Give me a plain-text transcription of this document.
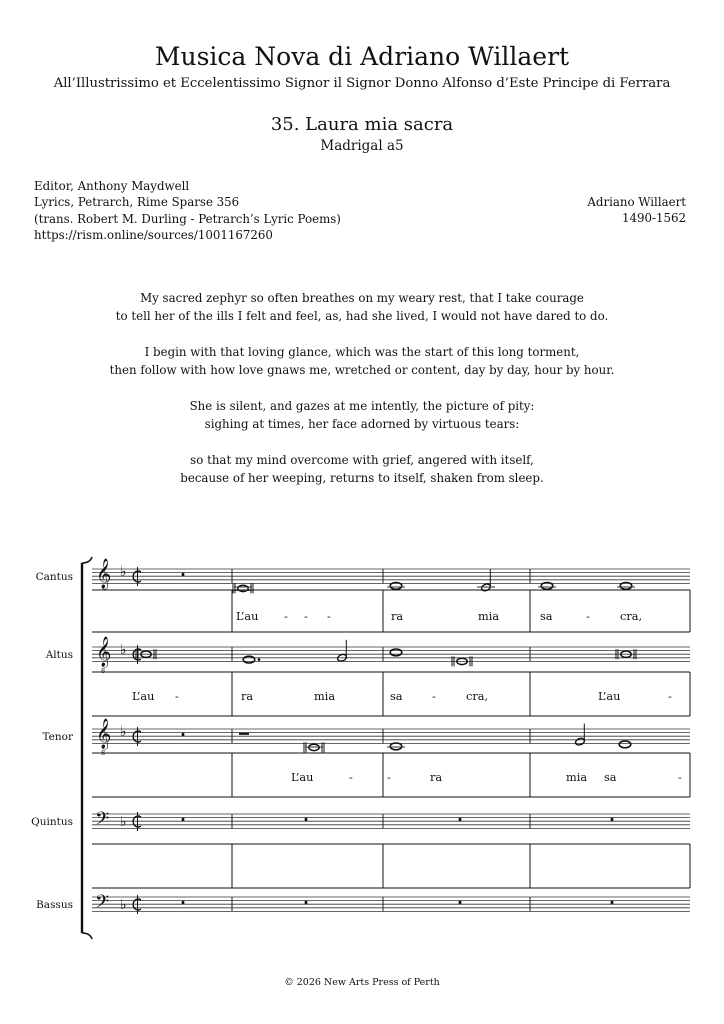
Musica Nova di Adriano Willaert
All’Illustrissimo et Eccelentissimo Signor il Signor Donno Alfonso d’Este Principe di Ferrara
35. Laura mia sacra
Madrigal a5
Editor, Anthony Maydwell
Lyrics, Petrarch, Rime Sparse 356
(trans. Robert M. Durling - Petrarch’s Lyric Poems)
https://rism.online/sources/1001167260
Adriano Willaert
1490-1562
My sacred zephyr so often breathes on my weary rest, that I take courage
to tell her of the ills I felt and feel, as, had she lived, I would not have dared to do.
I begin with that loving glance, which was the start of this long torment,
then follow with how love gnaws me, wretched or content, day by day, hour by hour.
She is silent, and gazes at me intently, the picture of pity:
sighing at times, her face adorned by virtuous tears:
so that my mind overcome with grief, angered with itself,
because of her weeping, returns to itself, shaken from sleep.
Cantus 𝄞 ♭
Altus 𝄞
8
♭
Tenor 𝄞
8
♭
Quintus 𝄢 ♭
Bassus 𝄢 ♭
L’au - - -	ra	mia	sa	-	cra,
L’au -	ra	mia	sa	-	cra,	L’au	-
L’au	-	-	ra	mia sa	-
© 2026 New Arts Press of Perth
